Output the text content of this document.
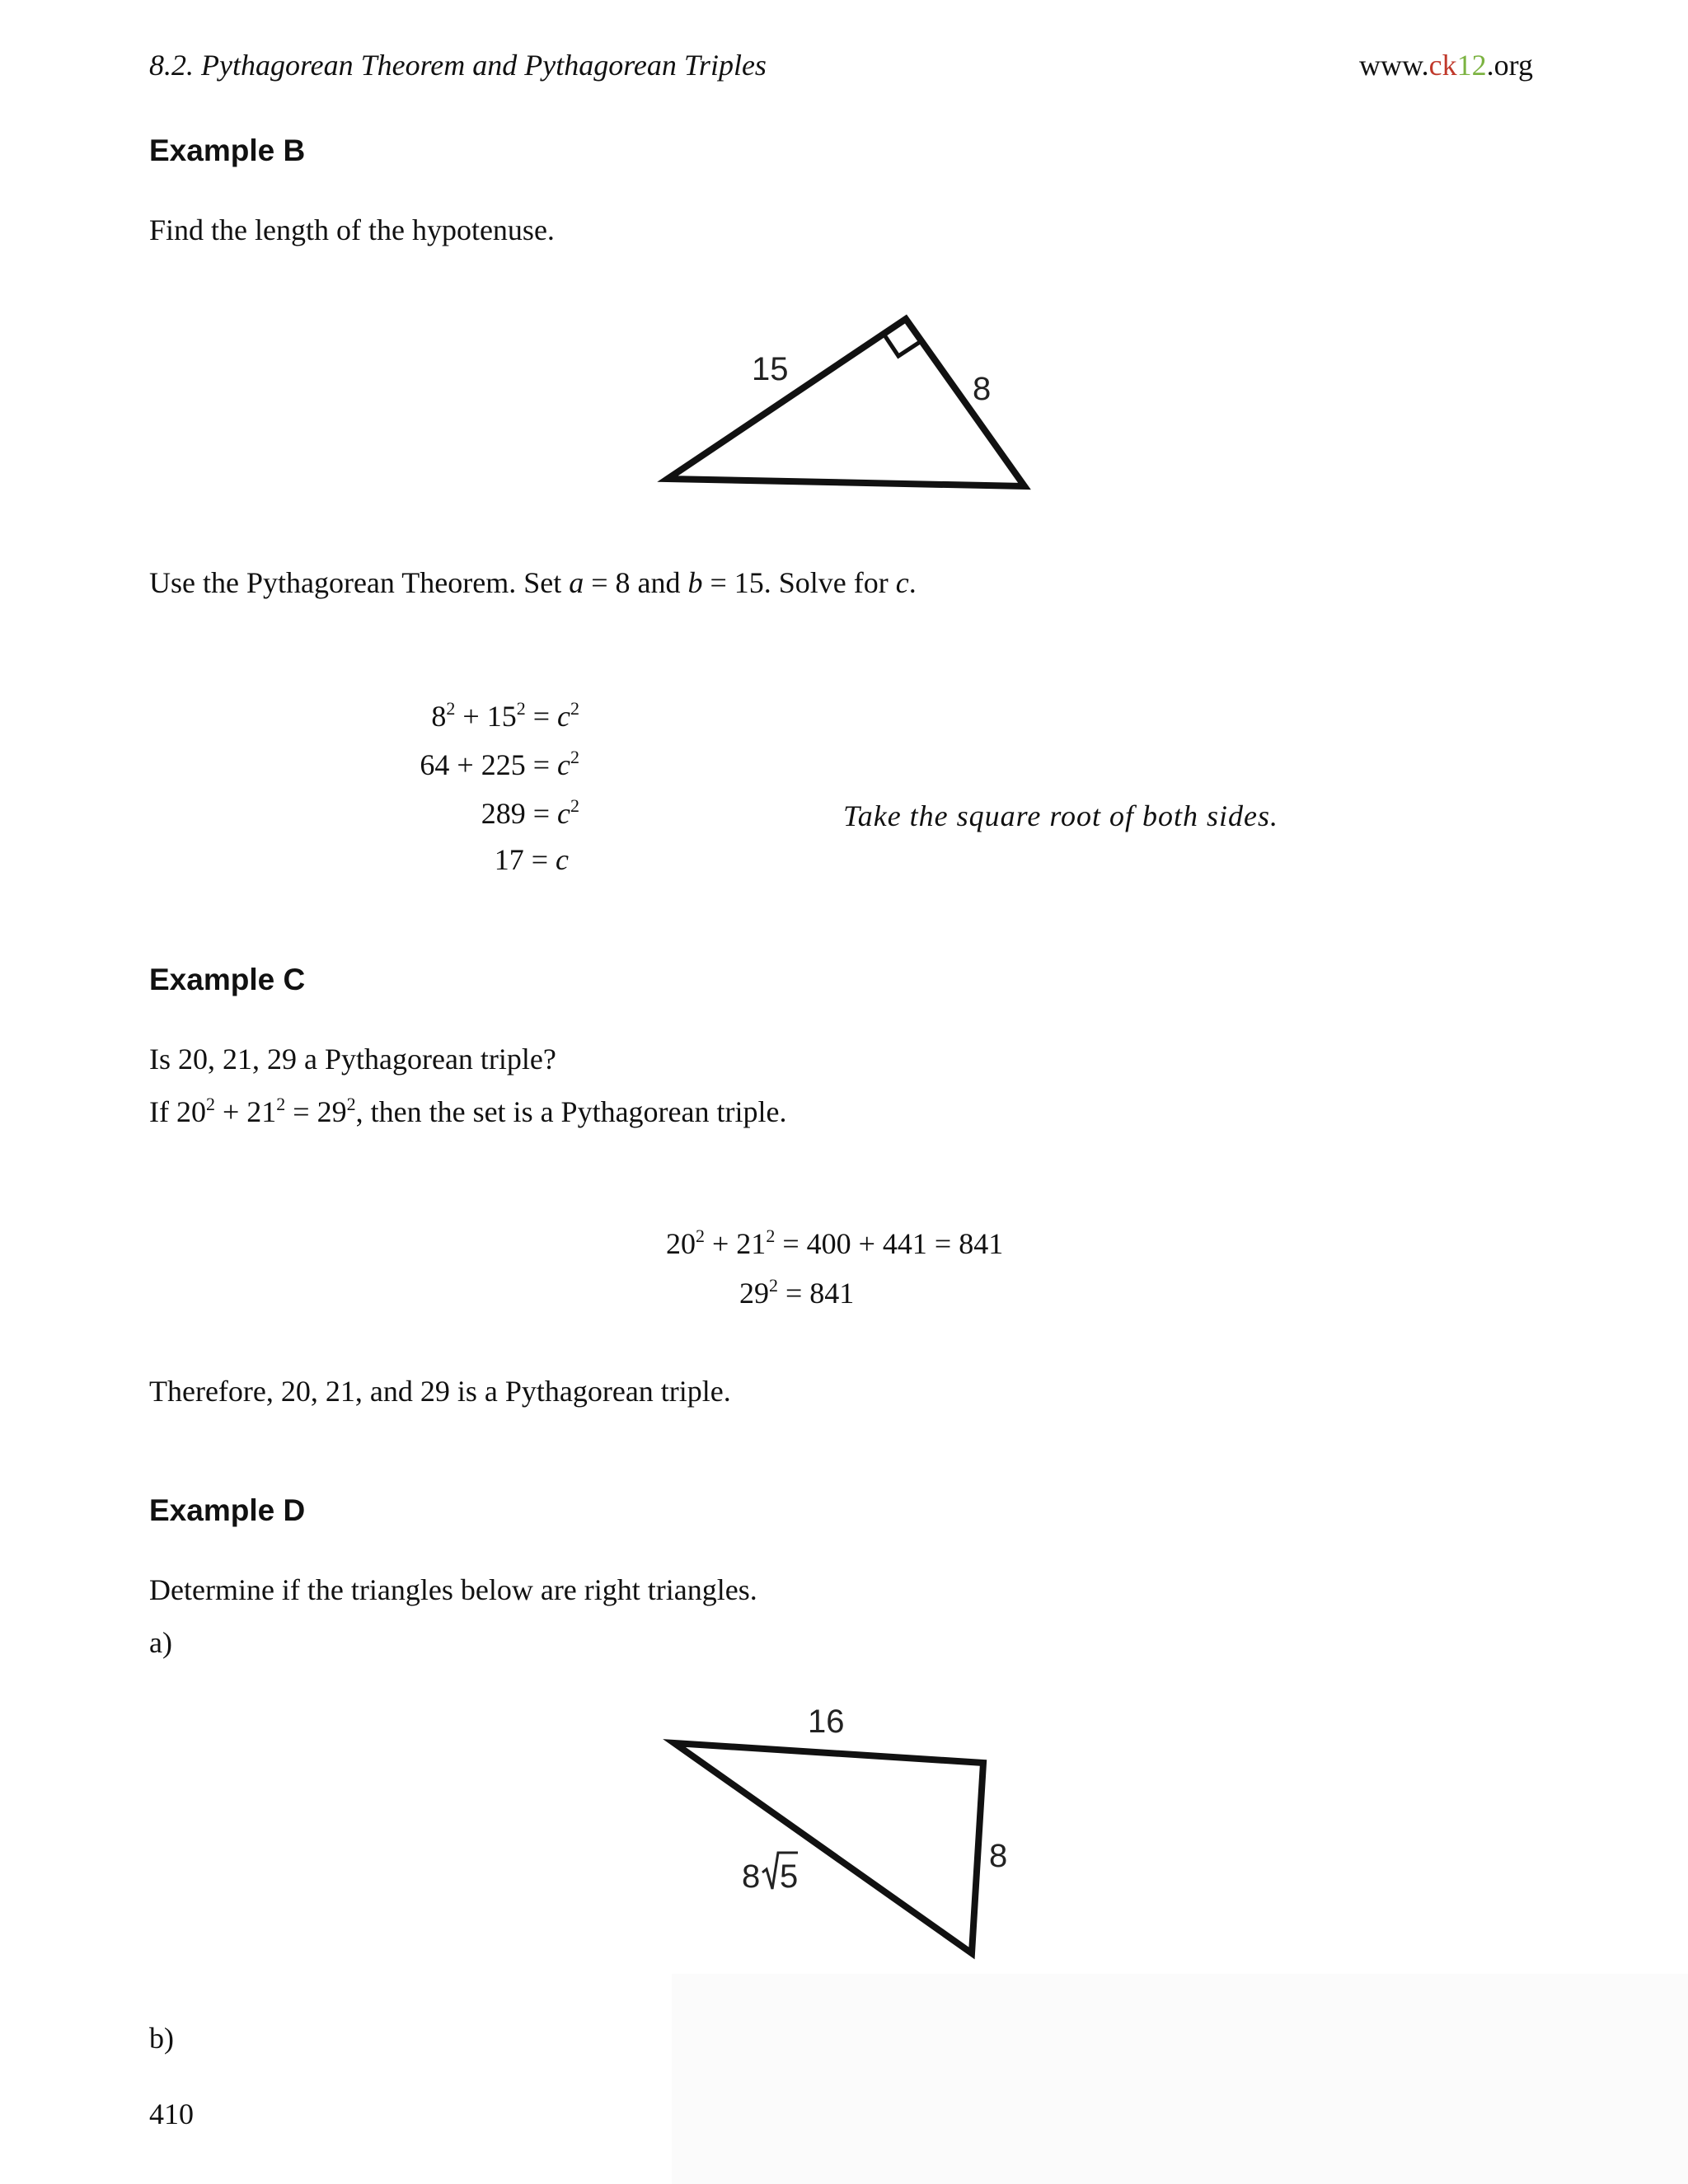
8.2. Pythagorean Theorem and Pythagorean Triples	www.ck12.org
Example B
Find the length of the hypotenuse.
15
8
Use the Pythagorean Theorem. Set a = 8 and b = 15. Solve for c.
$8^2 + 15^2 = c^2$
$64 + 225 = c^2$
$289 = c^2$
17 = c
Take the square root of both sides.
Example C
Is 20, 21, 29 a Pythagorean triple?
If $20^2 + 21^2 = 29^2$, then the set is a Pythagorean triple.
$20^2 + 21^2 = 400 + 441 = 841$
$29^2 = 841$
Therefore, 20, 21, and 29 is a Pythagorean triple.
Example D
Determine if the triangles below are right triangles.
a)
16
8
8 5
b)
410
